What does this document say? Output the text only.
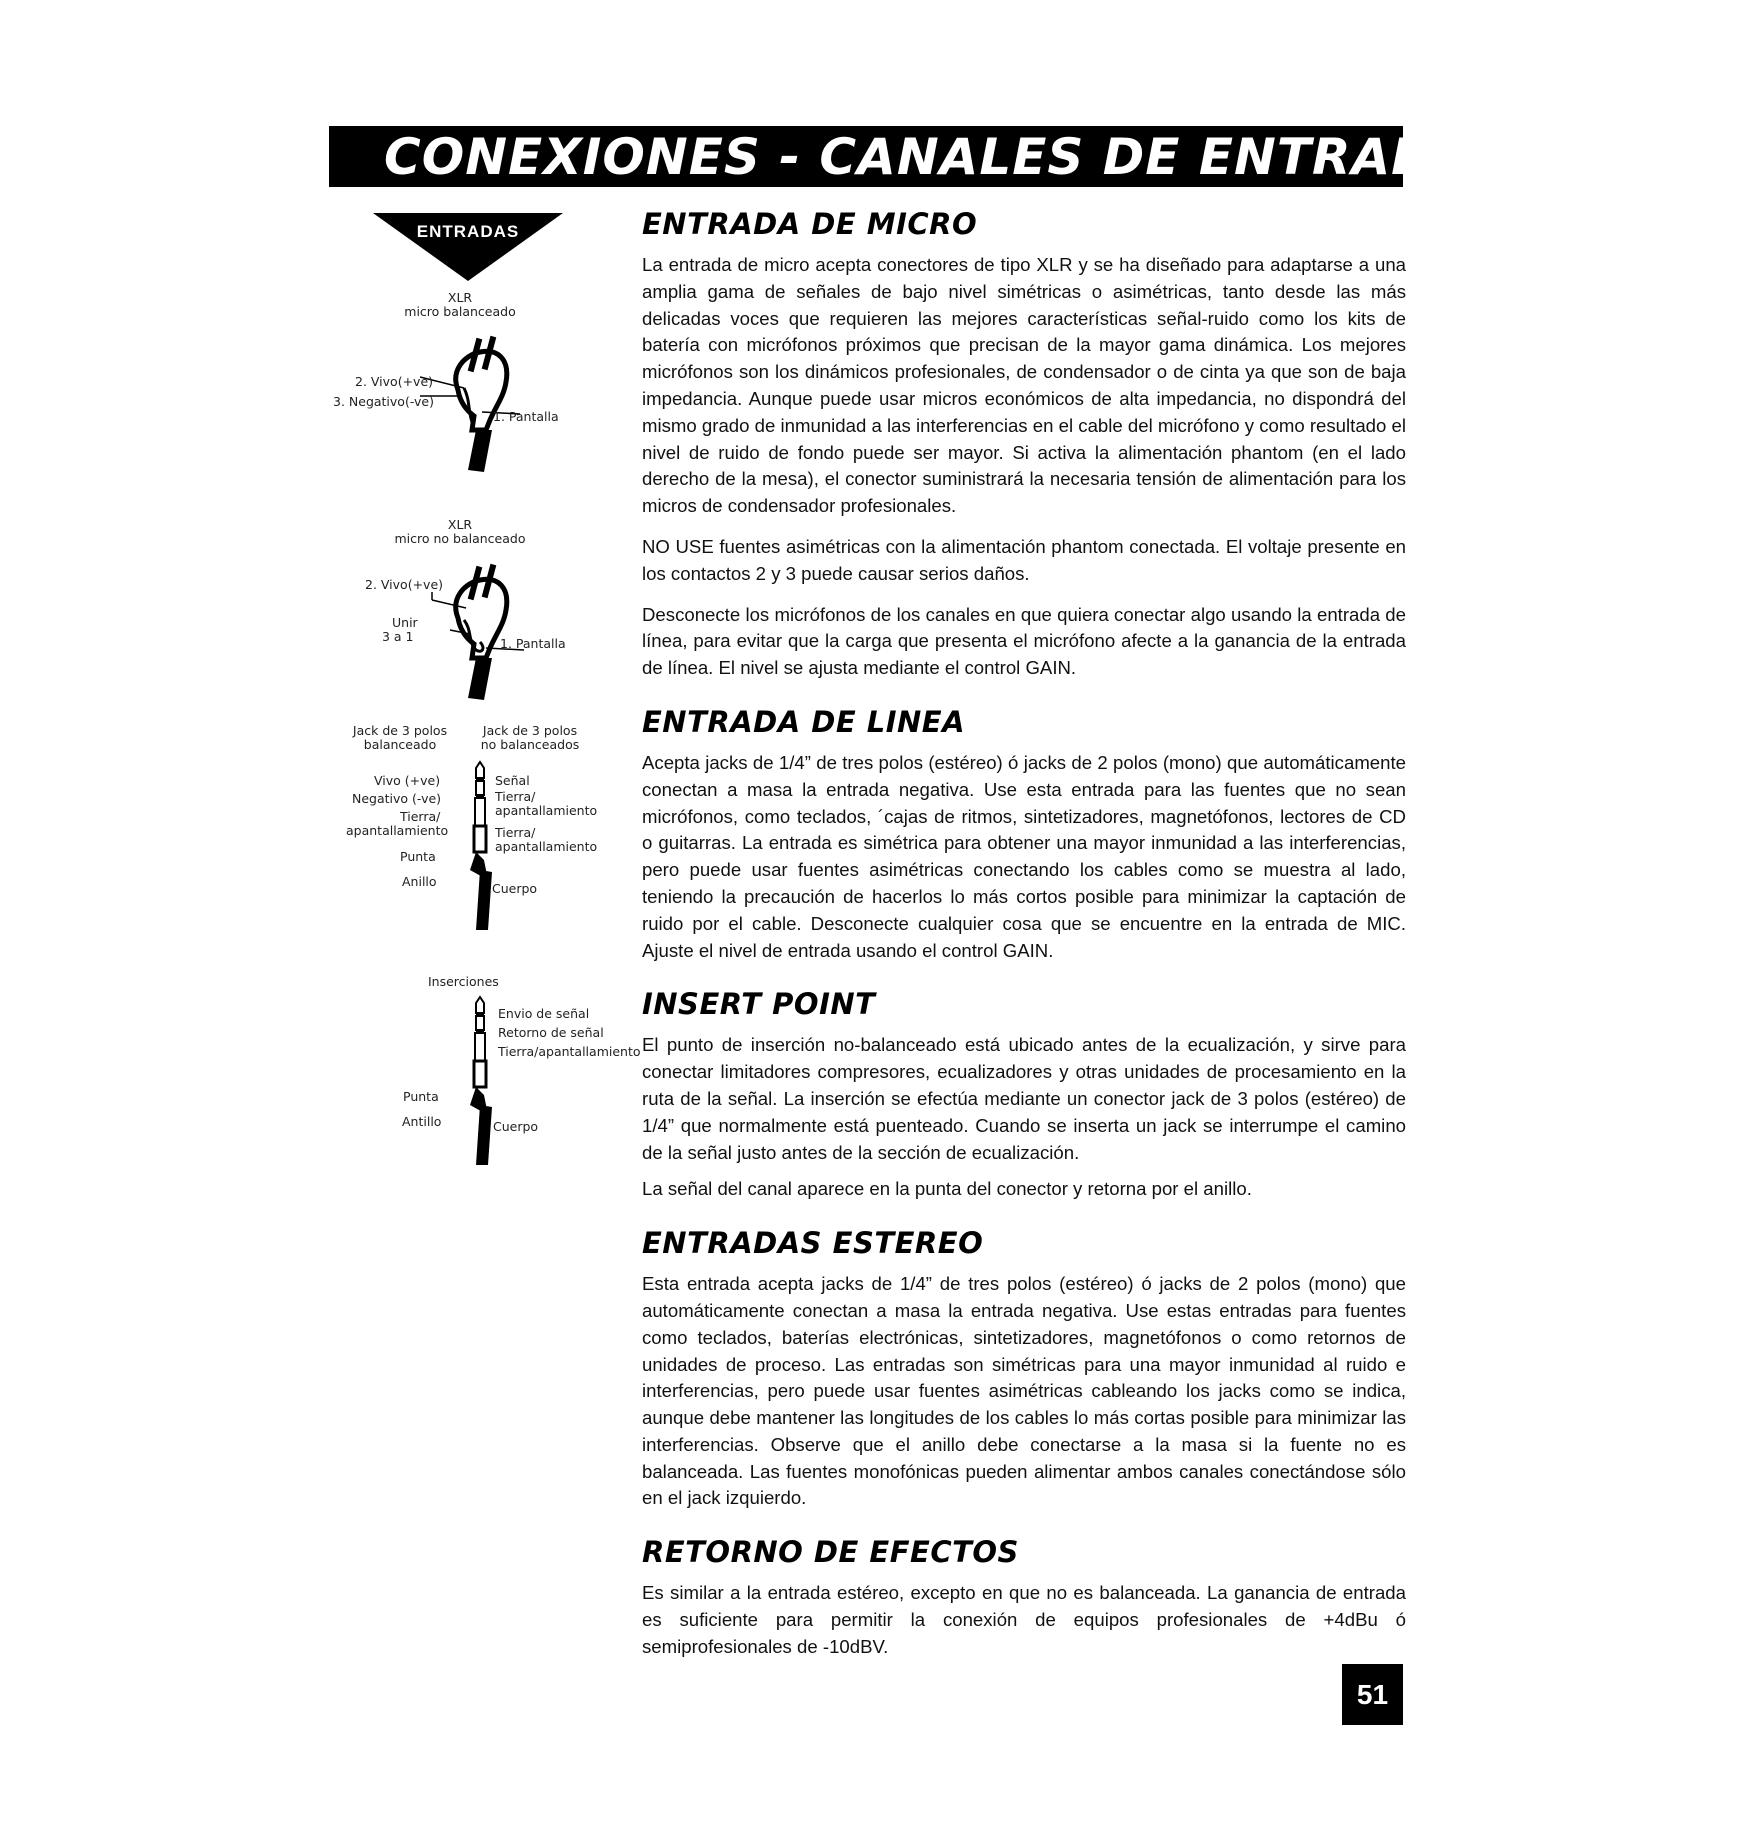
CONEXIONES - CANALES DE ENTRADA
ENTRADAS
XLR
micro balanceado
2. Vivo(+ve)
3. Negativo(-ve)
1. Pantalla
XLR
micro no balanceado
2. Vivo(+ve)
Unir
3 a 1	1. Pantalla
Jack de 3 polos
balanceado
Jack de 3 polos
no balanceados
Vivo (+ve)
Negativo (-ve)
Tierra/
apantallamiento
Punta
Anillo
Señal
Tierra/
apantallamiento
Tierra/
apantallamiento
Cuerpo
Inserciones
Envio de señal
Retorno de señal
Tierra/apantallamiento
Punta
Antillo	Cuerpo
ENTRADA DE MICRO

La entrada de micro acepta conectores de tipo XLR y se ha diseñado para adaptarse a una amplia gama de señales de bajo nivel simétricas o asimétricas, tanto desde las más delicadas voces que requieren las mejores características señal-ruido como los kits de batería con micrófonos próximos que precisan de la mayor gama dinámica. Los mejores micrófonos son los dinámicos profesionales, de condensador o de cinta ya que son de baja impedancia. Aunque puede usar micros económicos de alta impedancia, no dispondrá del mismo grado de inmunidad a las interferencias en el cable del micrófono y como resultado el nivel de ruido de fondo puede ser mayor. Si activa la alimentación phantom (en el lado derecho de la mesa), el conector suministrará la necesaria tensión de alimentación para los micros de condensador profesionales.

NO USE fuentes asimétricas con la alimentación phantom conectada. El voltaje presente en los contactos 2 y 3 puede causar serios daños.

Desconecte los micrófonos de los canales en que quiera conectar algo usando la entrada de línea, para evitar que la carga que presenta el micrófono afecte a la ganancia de la entrada de línea. El nivel se ajusta mediante el control GAIN.

ENTRADA DE LINEA

Acepta jacks de 1/4” de tres polos (estéreo) ó jacks de 2 polos (mono) que automáticamente conectan a masa la entrada negativa. Use esta entrada para las fuentes que no sean micrófonos, como teclados, ´cajas de ritmos, sintetizadores, magnetófonos, lectores de CD o guitarras. La entrada es simétrica para obtener una mayor inmunidad a las interferencias, pero puede usar fuentes asimétricas conectando los cables como se muestra al lado, teniendo la precaución de hacerlos lo más cortos posible para minimizar la captación de ruido por el cable. Desconecte cualquier cosa que se encuentre en la entrada de MIC. Ajuste el nivel de entrada usando el control GAIN.

INSERT POINT

El punto de inserción no-balanceado está ubicado antes de la ecualización, y sirve para conectar limitadores compresores, ecualizadores y otras unidades de procesamiento en la ruta de la señal. La inserción se efectúa mediante un conector jack de 3 polos (estéreo) de 1/4” que normalmente está puenteado. Cuando se inserta un jack se interrumpe el camino de la señal justo antes de la sección de ecualización.

La señal del canal aparece en la punta del conector y retorna por el anillo.

ENTRADAS ESTEREO

Esta entrada acepta jacks de 1/4” de tres polos (estéreo) ó jacks de 2 polos (mono) que automáticamente conectan a masa la entrada negativa. Use estas entradas para fuentes como teclados, baterías electrónicas, sintetizadores, magnetófonos o como retornos de unidades de proceso. Las entradas son simétricas para una mayor inmunidad al ruido e interferencias, pero puede usar fuentes asimétricas cableando los jacks como se indica, aunque debe mantener las longitudes de los cables lo más cortas posible para minimizar las interferencias. Observe que el anillo debe conectarse a la masa si la fuente no es balanceada. Las fuentes monofónicas pueden alimentar ambos canales conectándose sólo en el jack izquierdo.

RETORNO DE EFECTOS

Es similar a la entrada estéreo, excepto en que no es balanceada. La ganancia de entrada es suficiente para permitir la conexión de equipos profesionales de +4dBu ó semiprofesionales de -10dBV.

51
